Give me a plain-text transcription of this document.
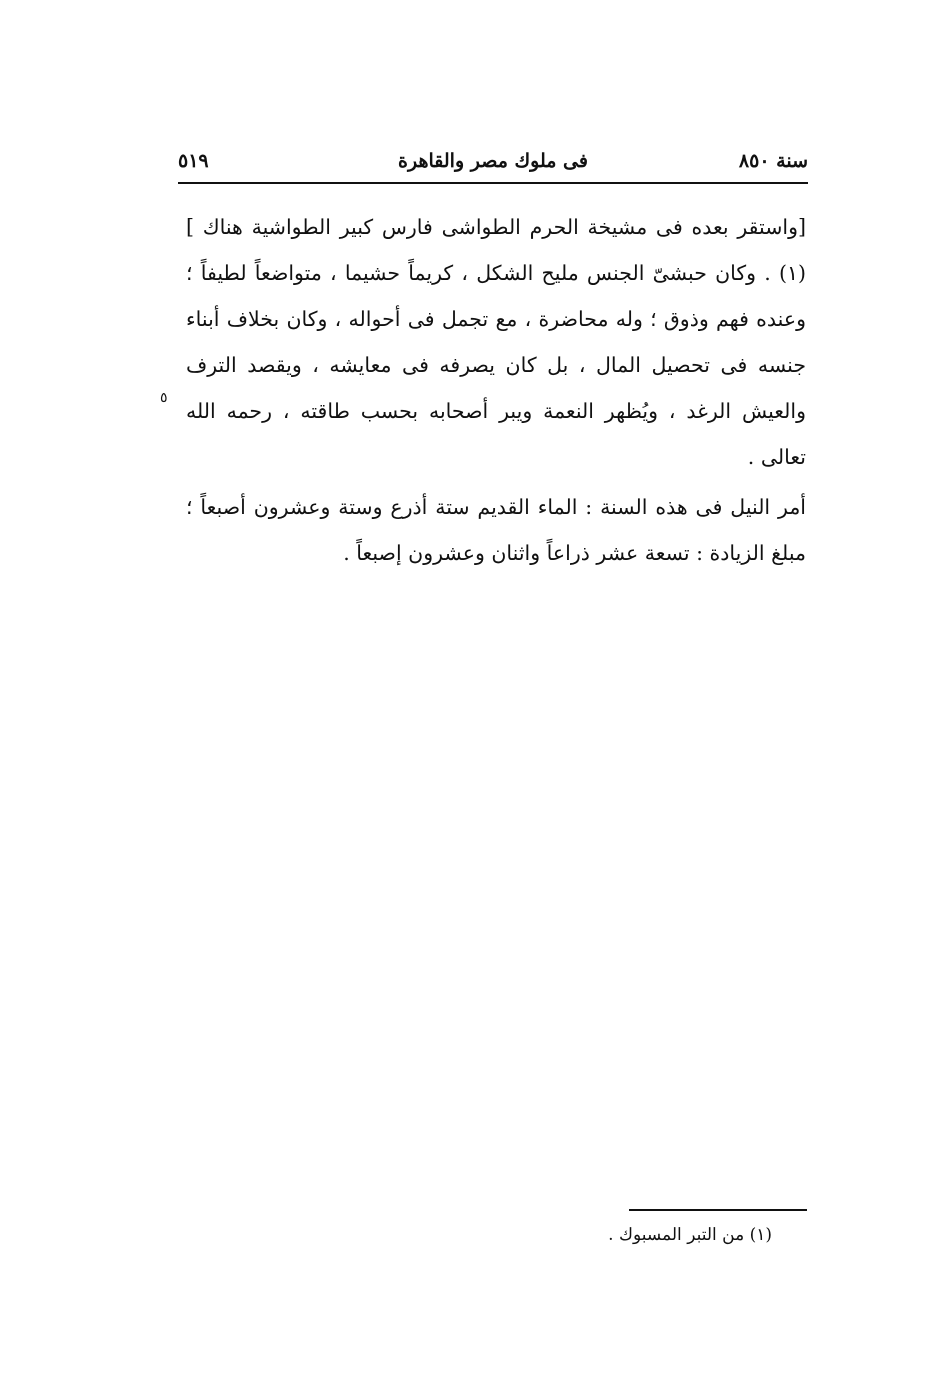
سنة ٨٥٠
فى ملوك مصر والقاهرة
٥١٩

[واستقر بعده فى مشيخة الحرم الطواشى فارس كبير الطواشية هناك ](١) . وكان حبشىّ الجنس مليح الشكل ، كريماً حشيما ، متواضعاً لطيفاً ؛ وعنده فهم وذوق ؛ وله محاضرة ، مع تجمل فى أحواله ، وكان بخلاف أبناء جنسه فى تحصيل المال ، بل كان يصرفه فى معايشه ، ويقصد الترف والعيش الرغد ، ويُظهر النعمة ويبر أصحابه بحسب طاقته ، رحمه الله تعالى .

أمر النيل فى هذه السنة : الماء القديم ستة أذرع وستة وعشرون أصبعاً ؛ مبلغ الزيادة : تسعة عشر ذراعاً واثنان وعشرون إصبعاً .

٥
(١) من التبر المسبوك .
